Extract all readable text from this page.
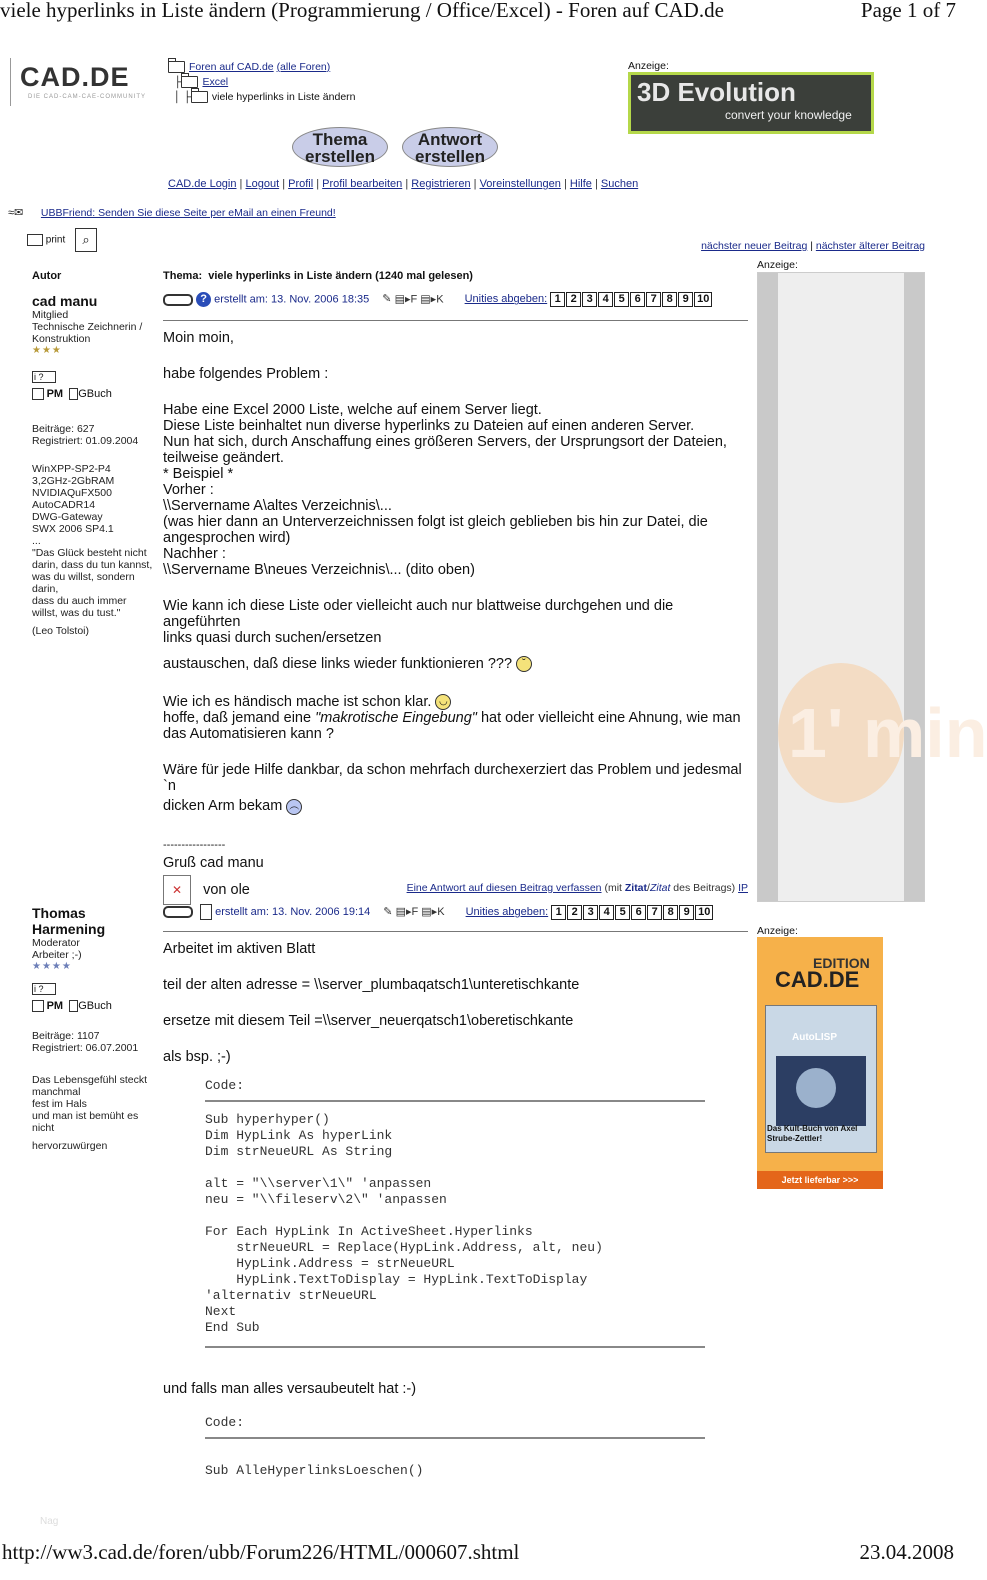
viele hyperlinks in Liste ändern (Programmierung / Office/Excel) - Foren auf CAD.de	Page 1 of 7
CAD.DE
DIE CAD-CAM-CAE-COMMUNITY
Foren auf CAD.de (alle Foren)
├ Excel
│ ├ viele hyperlinks in Liste ändern
Anzeige:
3D Evolution
convert your knowledge
Thema
erstellen
Antwort
erstellen
CAD.de Login | Logout | Profil | Profil bearbeiten | Registrieren | Voreinstellungen | Hilfe | Suchen
≈✉ UBBFriend: Senden Sie diese Seite per eMail an einen Freund!
print	⌕	nächster neuer Beitrag | nächster älterer Beitrag
Autor	Thema: viele hyperlinks in Liste ändern (1240 mal gelesen)
Anzeige:
1' min
cad manu
Mitglied
Technische Zeichnerin /
Konstruktion
★★★
i ?
PM GBuch
Beiträge: 627
Registriert: 01.09.2004
WinXPP-SP2-P4
3,2GHz-2GbRAM
NVIDIAQuFX500
AutoCADR14
DWG-Gateway
SWX 2006 SP4.1
...
"Das Glück besteht nicht
darin, dass du tun kannst,
was du willst, sondern
darin,
dass du auch immer
willst, was du tust."
(Leo Tolstoi)
? erstellt am: 13. Nov. 2006 18:35 ✎ ▤▸F ▤▸K Unities abgeben: 1 2 3 4 5 6 7 8 9 10

Moin moin,

habe folgendes Problem :

Habe eine Excel 2000 Liste, welche auf einem Server liegt.

Diese Liste beinhaltet nun diverse hyperlinks zu Dateien auf einen anderen Server.

Nun hat sich, durch Anschaffung eines größeren Servers, der Ursprungsort der Dateien,

teilweise geändert.

* Beispiel *

Vorher :

\\Servername A\altes Verzeichnis\...

(was hier dann an Unterverzeichnissen folgt ist gleich geblieben bis hin zur Datei, die

angesprochen wird)

Nachher :

\\Servername B\neues Verzeichnis\... (dito oben)

Wie kann ich diese Liste oder vielleicht auch nur blattweise durchgehen und die angeführten

links quasi durch suchen/ersetzen

austauschen, daß diese links wieder funktionieren ??? ˘

Wie ich es händisch mache ist schon klar. ◡

hoffe, daß jemand eine "makrotische Eingebung" hat oder vielleicht eine Ahnung, wie man

das Automatisieren kann ?

Wäre für jede Hilfe dankbar, da schon mehrfach durchexerziert das Problem und jedesmal `n

dicken Arm bekam ︵

-----------------

Gruß cad manu

✕ von ole	Eine Antwort auf diesen Beitrag verfassen (mit Zitat/Zitat des Beitrags) IP
Thomas
Harmening
Moderator
Arbeiter ;-)
★★★★
i ?
PM GBuch
Beiträge: 1107
Registriert: 06.07.2001
Das Lebensgefühl steckt
manchmal
fest im Hals
und man ist bemüht es
nicht
hervorzuwürgen
erstellt am: 13. Nov. 2006 19:14 ✎ ▤▸F ▤▸K Unities abgeben: 1 2 3 4 5 6 7 8 9 10
Anzeige:
EDITION
CAD.DE
AutoLISP
Das Kult-Buch von Axel Strube-Zettler!
Jetzt lieferbar >>>

Arbeitet im aktiven Blatt

teil der alten adresse = \\server_plumbaqatsch1\unteretischkante

ersetze mit diesem Teil =\\server_neuerqatsch1\oberetischkante

als bsp. ;-)

Code:
Sub hyperhyper()
Dim HypLink As hyperLink
Dim strNeueURL As String

alt = "\\server\1\" 'anpassen
neu = "\\fileserv\2\" 'anpassen

For Each HypLink In ActiveSheet.Hyperlinks
strNeueURL = Replace(HypLink.Address, alt, neu)
HypLink.Address = strNeueURL
HypLink.TextToDisplay = HypLink.TextToDisplay
'alternativ strNeueURL
Next
End Sub
und falls man alles versaubeutelt hat :-)
Code:
Sub AlleHyperlinksLoeschen()
Nag
http://ww3.cad.de/foren/ubb/Forum226/HTML/000607.shtml	23.04.2008
